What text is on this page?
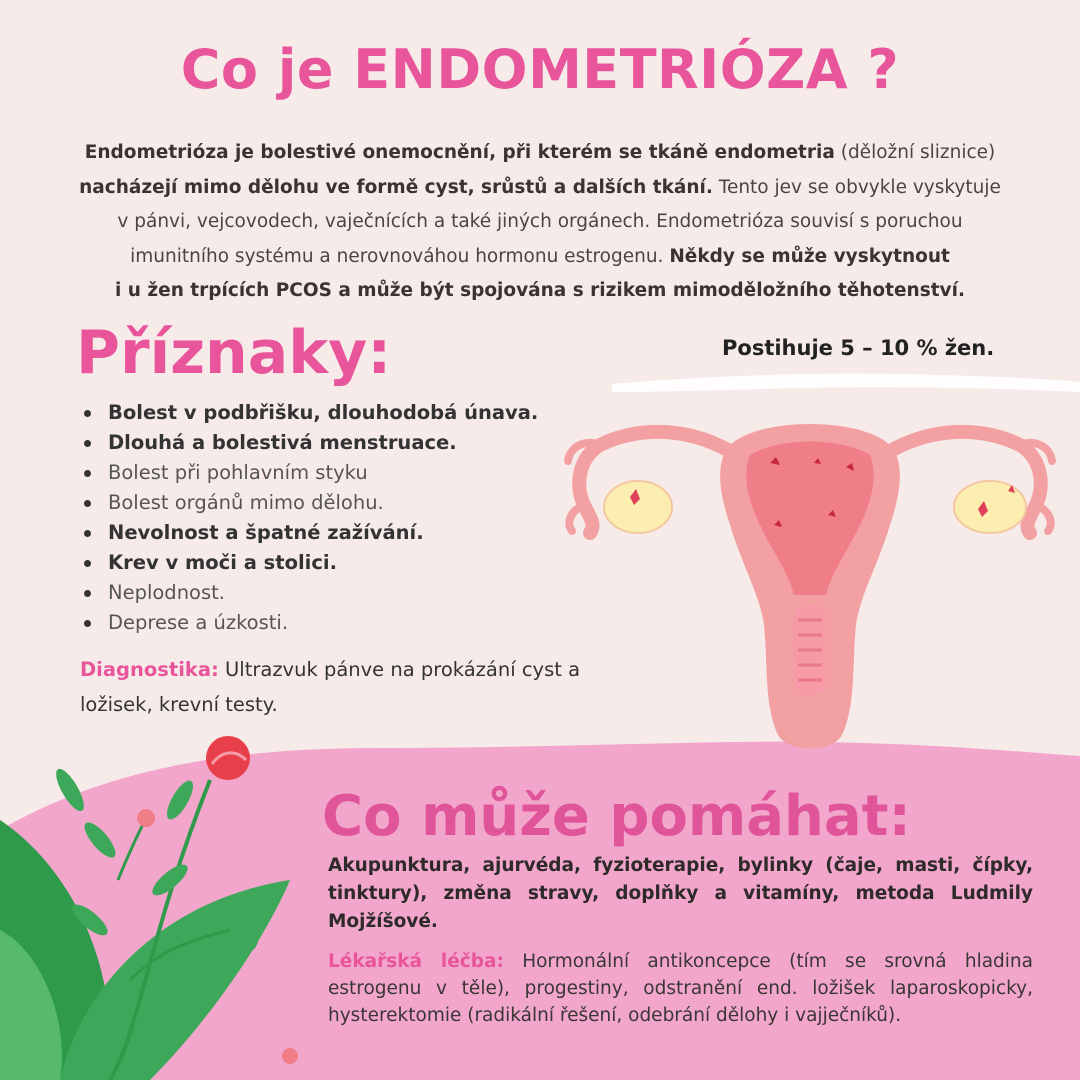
Co je ENDOMETRIÓZA ?
Endometrióza je bolestivé onemocnění, při kterém se tkáně endometria (děložní sliznice)
nacházejí mimo dělohu ve formě cyst, srůstů a dalších tkání. Tento jev se obvykle vyskytuje
v pánvi, vejcovodech, vaječnících a také jiných orgánech. Endometrióza souvisí s poruchou
imunitního systému a nerovnováhou hormonu estrogenu. Někdy se může vyskytnout
i u žen trpících PCOS a může být spojována s rizikem mimoděložního těhotenství.
Příznaky:	Postihuje 5 – 10 % žen.
Bolest v podbřišku, dlouhodobá únava.
Dlouhá a bolestivá menstruace.
Bolest při pohlavním styku
Bolest orgánů mimo dělohu.
Nevolnost a špatné zažívání.
Krev v moči a stolici.
Neplodnost.
Deprese a úzkosti.
Diagnostika: Ultrazvuk pánve na prokázání cyst a ložisek, krevní testy.
Co může pomáhat:
Akupunktura, ajurvéda, fyzioterapie, bylinky (čaje, masti, čípky, tinktury), změna stravy, doplňky a vitamíny, metoda Ludmily Mojžíšové.
Lékařská léčba: Hormonální antikoncepce (tím se srovná hladina estrogenu v těle), progestiny, odstranění end. ložišek laparoskopicky, hysterektomie (radikální řešení, odebrání dělohy i vajječníků).
